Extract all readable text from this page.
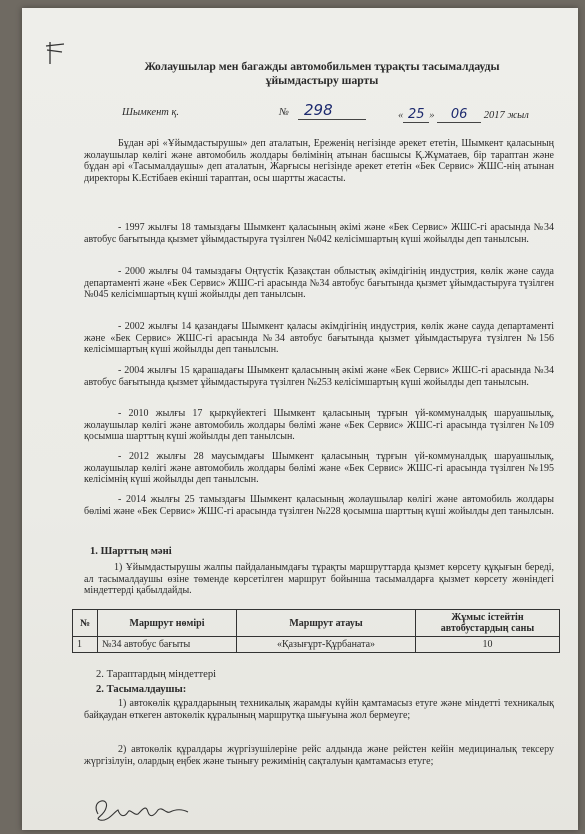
Жолаушылар мен багажды автомобильмен тұрақты тасымалдауды
ұйымдастыру шарты
Шымкент қ.	№ 298	« 25 » 06 2017 жыл
Бұдан әрі «Ұйымдастырушы» деп аталатын, Ереженің негізінде әрекет ететін, Шымкент қаласының жолаушылар көлігі және автомобиль жолдары бөлімінің атынан басшысы Қ.Жұматаев, бір тараптан және бұдан әрі «Тасымалдаушы» деп аталатын, Жарғысы негізінде әрекет ететін «Бек Сервис» ЖШС-нің атынан директоры К.Естібаев екінші тараптан, осы шартты жасасты.
- 1997 жылғы 18 тамыздағы Шымкент қаласының әкімі және «Бек Сервис» ЖШС-гі арасында №34 автобус бағытында қызмет ұйымдастыруға түзілген №042 келісімшартың күші жойылды деп танылсын.
- 2000 жылғы 04 тамыздағы Оңтүстік Қазақстан облыстық әкімдігінің индустрия, көлік және сауда департаменті және «Бек Сервис» ЖШС-гі арасында №34 автобус бағытында қызмет ұйымдастыруға түзілген №045 келісімшартың күші жойылды деп танылсын.
- 2002 жылғы 14 қазандағы Шымкент қаласы әкімдігінің индустрия, көлік және сауда департаменті және «Бек Сервис» ЖШС-гі арасында №34 автобус бағытында қызмет ұйымдастыруға түзілген №156 келісімшартың күші жойылды деп танылсын.
- 2004 жылғы 15 қарашадағы Шымкент қаласының әкімі және «Бек Сервис» ЖШС-гі арасында №34 автобус бағытында қызмет ұйымдастыруға түзілген №253 келісімшартың күші жойылды деп танылсын.
- 2010 жылғы 17 қыркүйектегі Шымкент қаласының тұрғын үй-коммуналдық шаруашылық, жолаушылар көлігі және автомобиль жолдары бөлімі және «Бек Сервис» ЖШС-гі арасында түзілген №109 қосымша шарттың күші жойылды деп танылсын.
- 2012 жылғы 28 маусымдағы Шымкент қаласының тұрғын үй-коммуналдық шаруашылық, жолаушылар көлігі және автомобиль жолдары бөлімі және «Бек Сервис» ЖШС-гі арасында түзілген №195 келісімнің күші жойылды деп танылсын.
- 2014 жылғы 25 тамыздағы Шымкент қаласының жолаушылар көлігі және автомобиль жолдары бөлімі және «Бек Сервис» ЖШС-гі арасында түзілген №228 қосымша шарттың күші жойылды деп танылсын.
1. Шарттың мәні
1) Ұйымдастырушы жалпы пайдаланымдағы тұрақты маршруттарда қызмет көрсету құқығын береді, ал тасымалдаушы өзіне төменде көрсетілген маршрут бойынша тасымалдарға қызмет көрсету жөніндегі міндеттерді қабылдайды.
№	Маршрут нөмірі	Маршрут атауы	Жұмыс істейтін автобустардың саны
1	№34 автобус бағыты	«Қазығұрт-Құрбаната»	10
2. Тараптардың міндеттері
2. Тасымалдаушы:
1) автокөлік құралдарының техникалық жарамды күйін қамтамасыз етуге және міндетті техникалық байқаудан өткеген автокөлік құралының маршрутқа шығуына жол бермеуге;
2) автокөлік құралдары жүргізушілеріне рейс алдында және рейстен кейін медициналық тексеру жүргізілуін, олардың еңбек және тынығу режимінің сақталуын қамтамасыз етуге;
